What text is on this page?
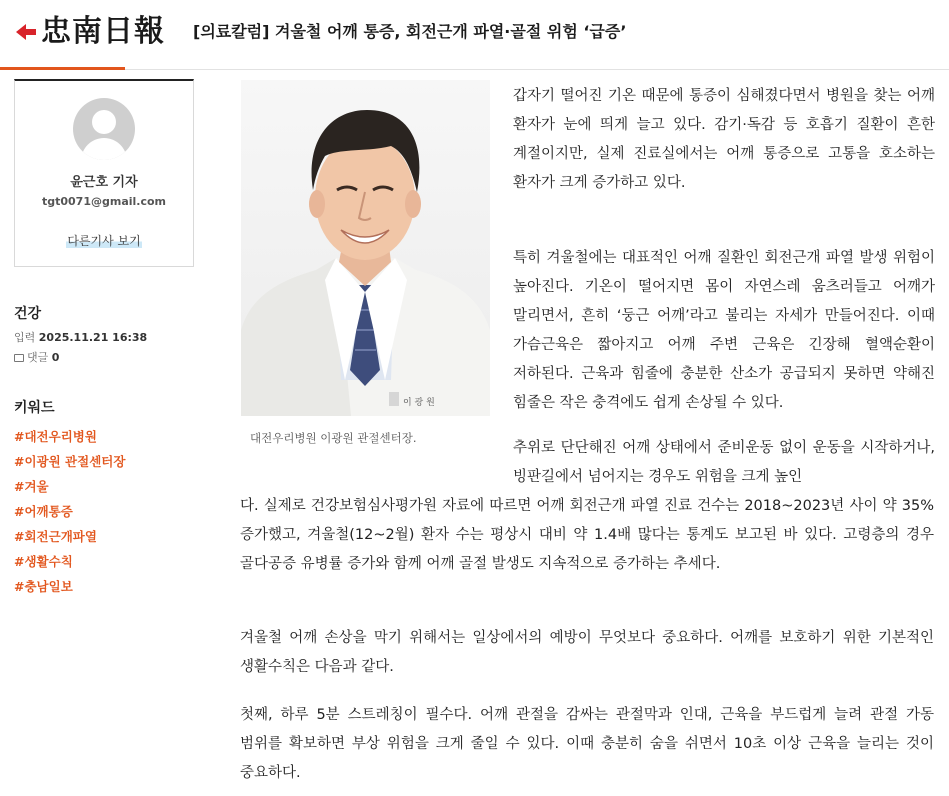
忠南日報 [의료칼럼] 겨울철 어깨 통증, 회전근개 파열·골절 위험 ‘급증’
윤근호 기자
tgt0071@gmail.com
다른기사 보기
건강
입력 2025.11.21 16:38
댓글 0
키워드
#대전우리병원
#이광원 관절센터장
#겨울
#어깨통증
#회전근개파열
#생활수칙
#충남일보
이 광 원
대전우리병원 이광원 관절센터장.

갑자기 떨어진 기온 때문에 통증이 심해졌다면서 병원을 찾는 어깨 환자가 눈에 띄게 늘고 있다. 감기·독감 등 호흡기 질환이 흔한 계절이지만, 실제 진료실에서는 어깨 통증으로 고통을 호소하는 환자가 크게 증가하고 있다.

특히 겨울철에는 대표적인 어깨 질환인 회전근개 파열 발생 위험이 높아진다. 기온이 떨어지면 몸이 자연스레 움츠러들고 어깨가 말리면서, 흔히 ‘둥근 어깨’라고 불리는 자세가 만들어진다. 이때 가슴근육은 짧아지고 어깨 주변 근육은 긴장해 혈액순환이 저하된다. 근육과 힘줄에 충분한 산소가 공급되지 못하면 약해진 힘줄은 작은 충격에도 쉽게 손상될 수 있다.

추위로 단단해진 어깨 상태에서 준비운동 없이 운동을 시작하거나, 빙판길에서 넘어지는 경우도 위험을 크게 높인

다. 실제로 건강보험심사평가원 자료에 따르면 어깨 회전근개 파열 진료 건수는 2018~2023년 사이 약 35% 증가했고, 겨울철(12~2월) 환자 수는 평상시 대비 약 1.4배 많다는 통계도 보고된 바 있다. 고령층의 경우 골다공증 유병률 증가와 함께 어깨 골절 발생도 지속적으로 증가하는 추세다.

겨울철 어깨 손상을 막기 위해서는 일상에서의 예방이 무엇보다 중요하다. 어깨를 보호하기 위한 기본적인 생활수칙은 다음과 같다.

첫째, 하루 5분 스트레칭이 필수다. 어깨 관절을 감싸는 관절막과 인대, 근육을 부드럽게 늘려 관절 가동 범위를 확보하면 부상 위험을 크게 줄일 수 있다. 이때 충분히 숨을 쉬면서 10초 이상 근육을 늘리는 것이 중요하다.
